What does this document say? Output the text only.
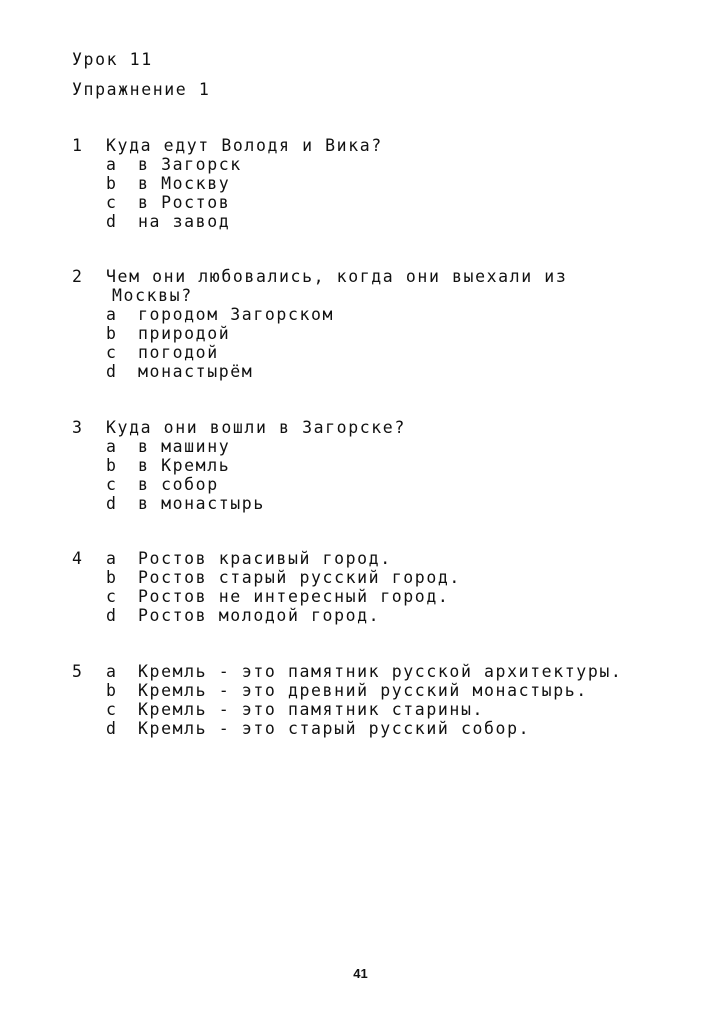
Урок 11
Упражнение 1
1 Куда едут Володя и Вика?
a в Загорск
b в Москву
c в Ростов
d на завод
2 Чем они любовались, когда они выехали из
Москвы?
a городом Загорском
b природой
c погодой
d монастырём
3 Куда они вошли в Загорске?
a в машину
b в Кремль
c в собор
d в монастырь
4 a Ростов красивый город.
b Ростов старый русский город.
c Ростов не интересный город.
d Ростов молодой город.
5 a Кремль - это памятник русской архитектуры.
b Кремль - это древний русский монастырь.
c Кремль - это памятник старины.
d Кремль - это старый русский собор.
41
